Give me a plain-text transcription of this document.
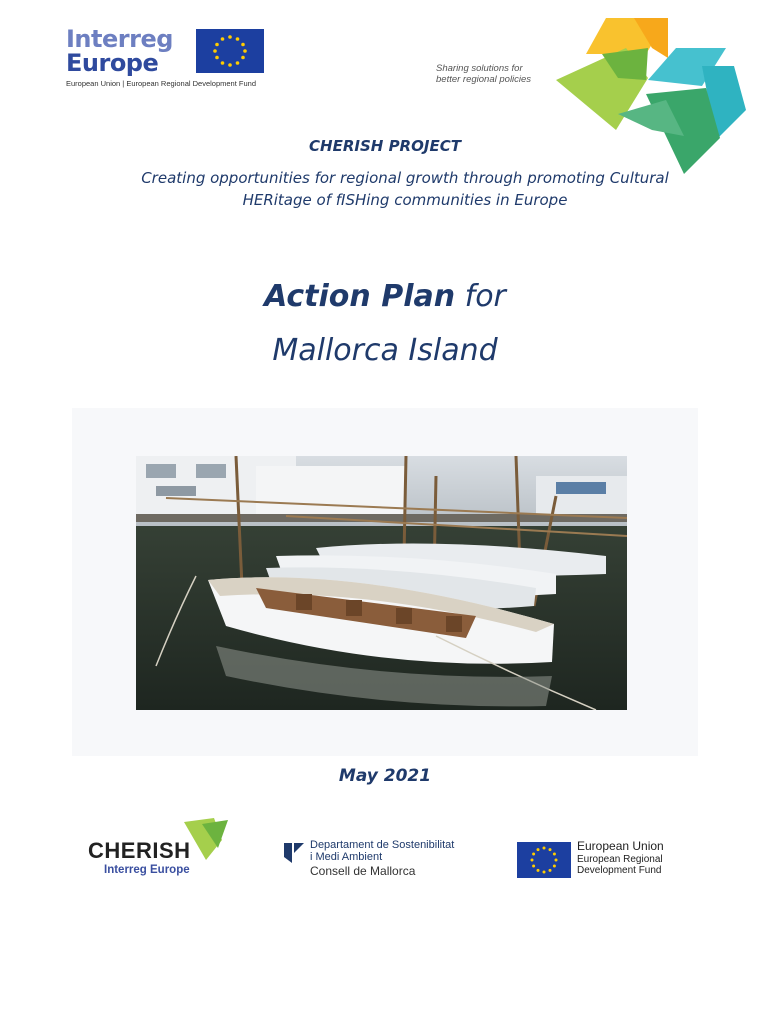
Interreg
Europe
European Union | European Regional Development Fund
Sharing solutions for
better regional policies
CHERISH PROJECT
Creating opportunities for regional growth through promoting Cultural
HERitage of fISHing communities in Europe
Action Plan for
Mallorca Island
May 2021
CHERISH
Interreg Europe
Departament de Sostenibilitat
i Medi Ambient
Consell de Mallorca
European Union
European Regional
Development Fund
